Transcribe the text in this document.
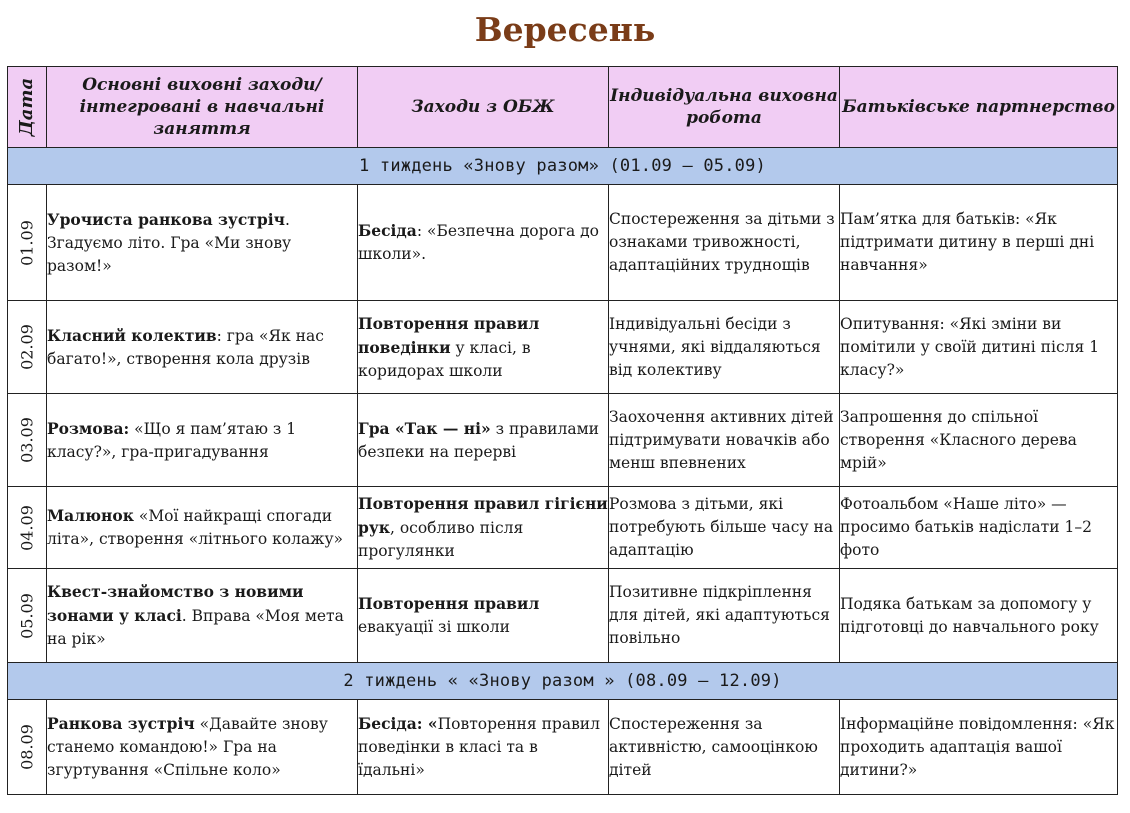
Вересень
Дата	Основні виховні заходи/ інтегровані в навчальні заняття	Заходи з ОБЖ	Індивідуальна виховна робота	Батьківське партнерство
1 тиждень «Знову разом» (01.09 – 05.09)				

01.09	Урочиста ранкова зустріч. Згадуємо літо. Гра «Ми знову разом!»	Бесіда: «Безпечна дорога до школи».	Спостереження за дітьми з ознаками тривожності, адаптаційних труднощів	Пам’ятка для батьків: «Як підтримати дитину в перші дні навчання»

02.09	Класний колектив: гра «Як нас багато!», створення кола друзів	Повторення правил поведінки у класі, в коридорах школи	Індивідуальні бесіди з учнями, які віддаляються від колективу	Опитування: «Які зміни ви помітили у своїй дитині після 1 класу?»

03.09	Розмова: «Що я пам’ятаю з 1 класу?», гра-пригадування	Гра «Так — ні» з правилами безпеки на перерві	Заохочення активних дітей підтримувати новачків або менш впевнених	Запрошення до спільної створення «Класного дерева мрій»

04.09	Малюнок «Мої найкращі спогади літа», створення «літнього колажу»	Повторення правил гігієни рук, особливо після прогулянки	Розмова з дітьми, які потребують більше часу на адаптацію	Фотоальбом «Наше літо» — просимо батьків надіслати 1–2 фото

05.09	Квест-знайомство з новими зонами у класі. Вправа «Моя мета на рік»	Повторення правил евакуації зі школи	Позитивне підкріплення для дітей, які адаптуються повільно	Подяка батькам за допомогу у підготовці до навчального року
2 тиждень « «Знову разом » (08.09 – 12.09)				

08.09	Ранкова зустріч «Давайте знову станемо командою!» Гра на згуртування «Спільне коло»	Бесіда: «Повторення правил поведінки в класі та в їдальні»	Спостереження за активністю, самооцінкою дітей	Інформаційне повідомлення: «Як проходить адаптація вашої дитини?»
